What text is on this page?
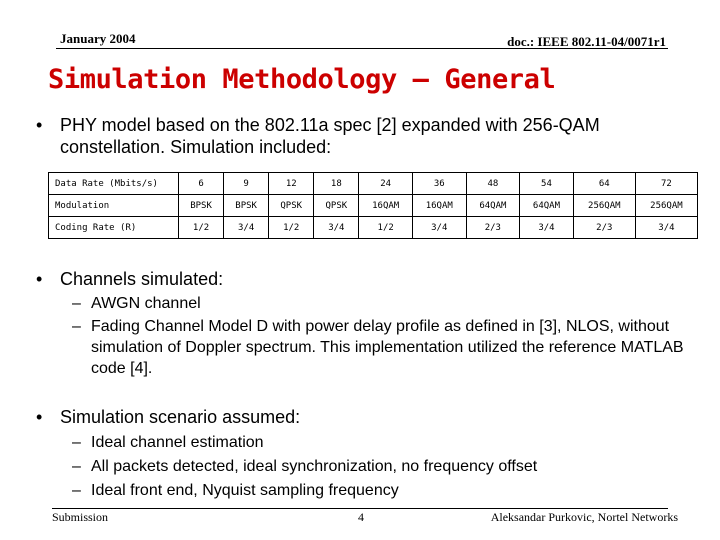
January 2004	doc.: IEEE 802.11-04/0071r1
Simulation Methodology – General
• PHY model based on the 802.11a spec [2] expanded with 256-QAM constellation. Simulation included:
Data Rate (Mbits/s)	6	9	12	18	24	36	48	54	64	72
Modulation	BPSK	BPSK	QPSK	QPSK	16QAM	16QAM	64QAM	64QAM	256QAM	256QAM
Coding Rate (R)	1/2	3/4	1/2	3/4	1/2	3/4	2/3	3/4	2/3	3/4
• Channels simulated:
– AWGN channel
– Fading Channel Model D with power delay profile as defined in [3], NLOS, without simulation of Doppler spectrum. This implementation utilized the reference MATLAB code [4].
• Simulation scenario assumed:
– Ideal channel estimation
– All packets detected, ideal synchronization, no frequency offset
– Ideal front end, Nyquist sampling frequency
Submission	4	Aleksandar Purkovic, Nortel Networks
